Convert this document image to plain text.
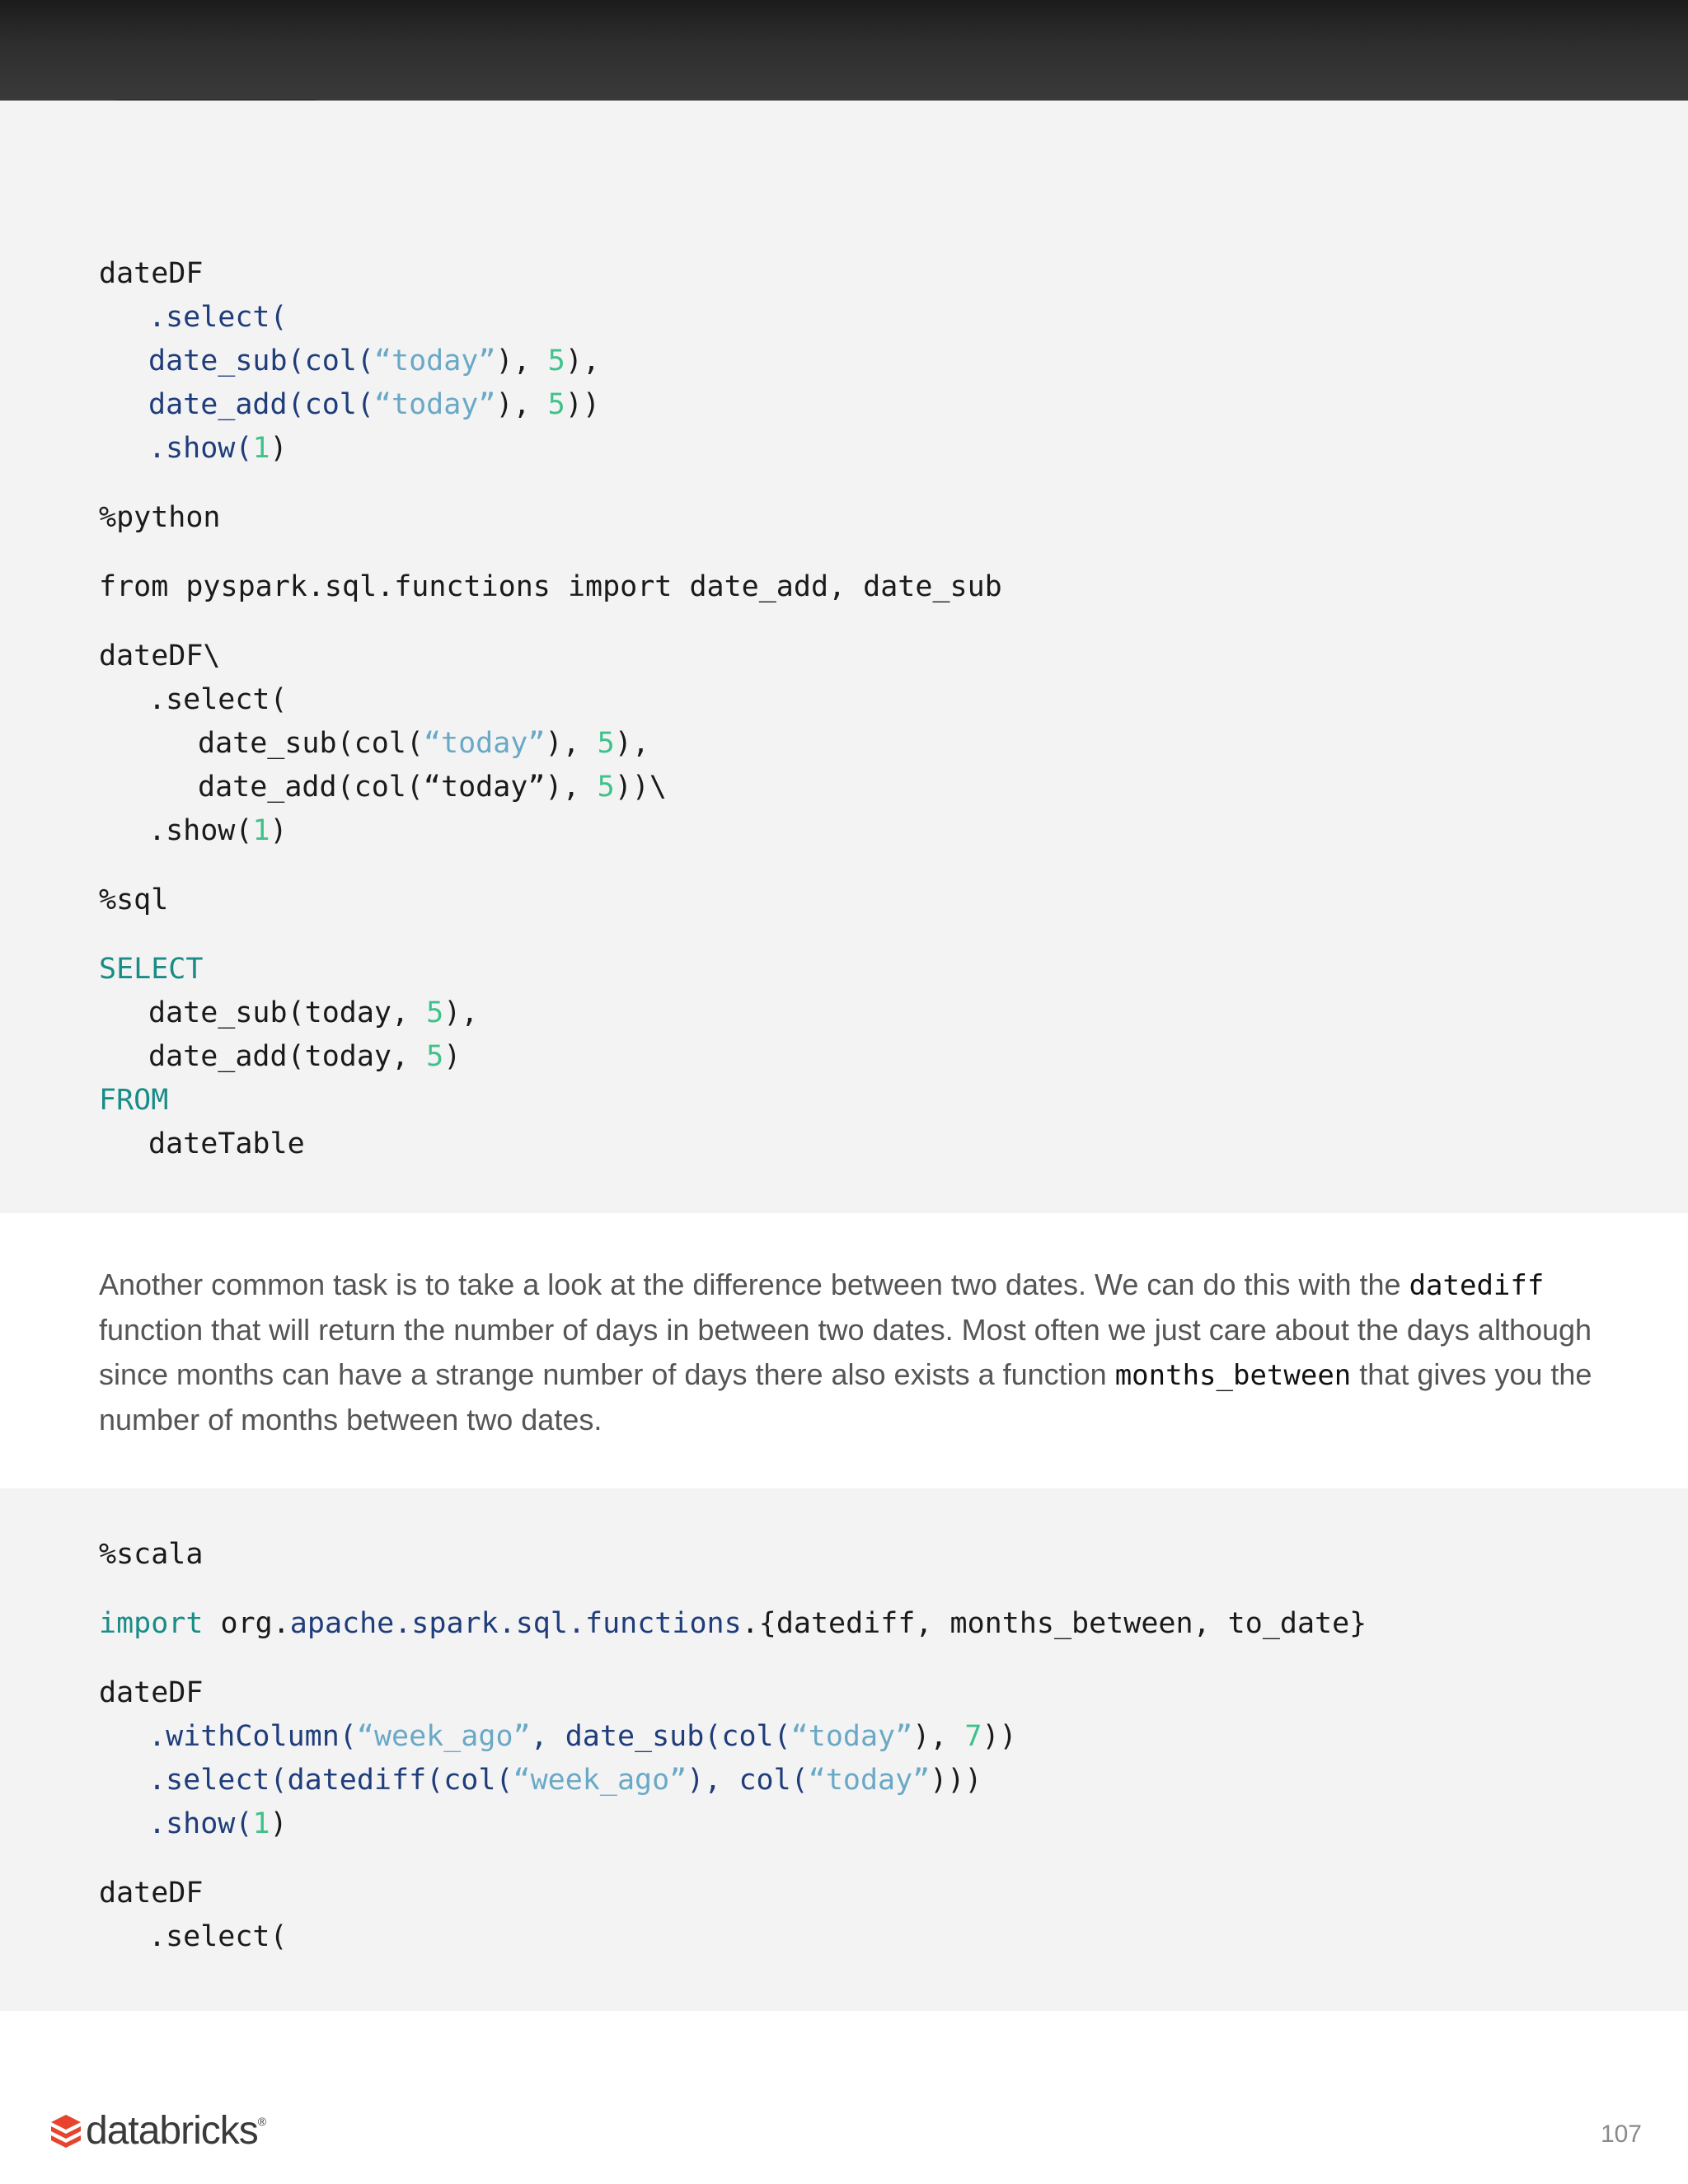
dateDF

.select(

date_sub(col(“today”), 5),

date_add(col(“today”), 5))

.show(1)

%python

from pyspark.sql.functions import date_add, date_sub

dateDF\

.select(

date_sub(col(“today”), 5),

date_add(col(“today”), 5))\

.show(1)

%sql

SELECT

date_sub(today, 5),

date_add(today, 5)

FROM

dateTable

Another common task is to take a look at the difference between two dates. We can do this with the datediff function that will return the number of days in between two dates. Most often we just care about the days although since months can have a strange number of days there also exists a function months_between that gives you the number of months between two dates.

%scala

import org.apache.spark.sql.functions.{datediff, months_between, to_date}

dateDF

.withColumn(“week_ago”, date_sub(col(“today”), 7))

.select(datediff(col(“week_ago”), col(“today”)))

.show(1)

dateDF

.select(

databricks ®	107
